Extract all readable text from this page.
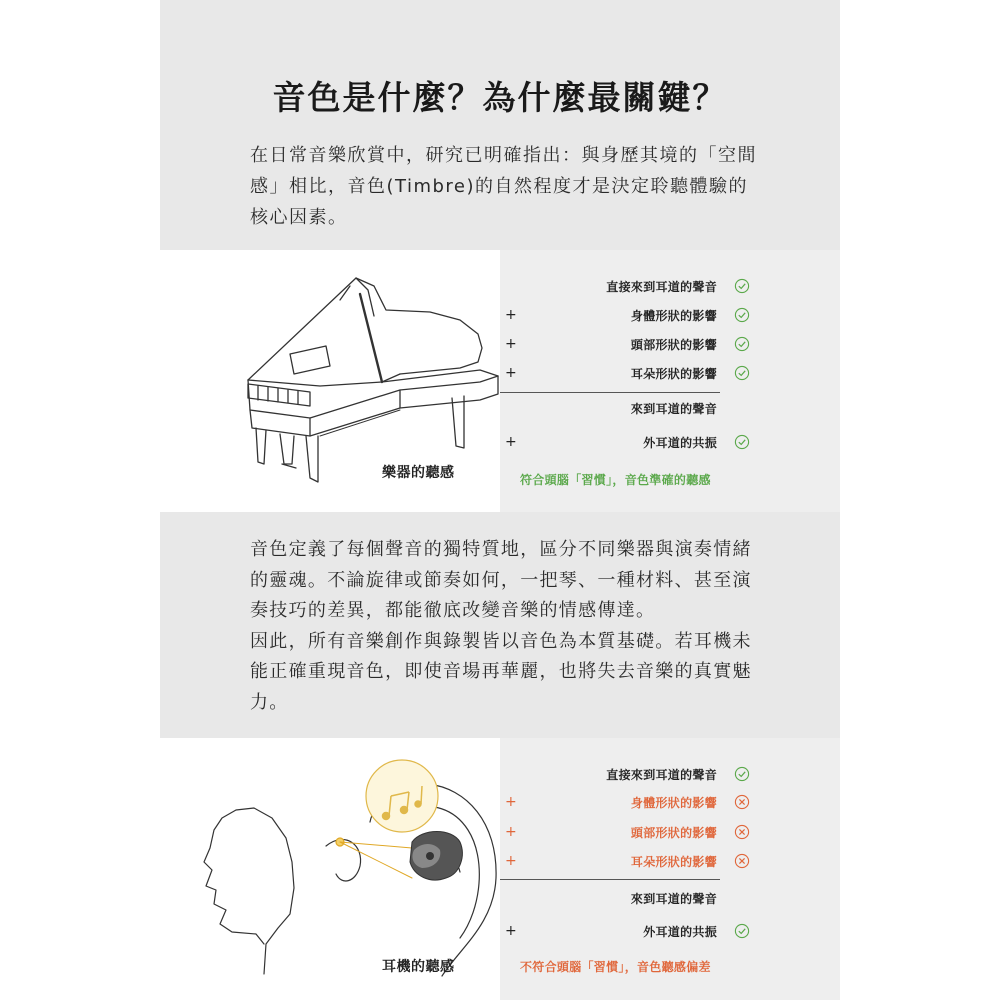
音色是什麼？為什麼最關鍵？

在日常音樂欣賞中，研究已明確指出：與身歷其境的「空間感」相比，音色(Timbre)的自然程度才是決定聆聽體驗的核心因素。

樂器的聽感
直接來到耳道的聲音
+	身體形狀的影響
+	頭部形狀的影響
+	耳朵形狀的影響
來到耳道的聲音
+	外耳道的共振
符合頭腦「習慣」，音色準確的聽感

音色定義了每個聲音的獨特質地，區分不同樂器與演奏情緒的靈魂。不論旋律或節奏如何，一把琴、一種材料、甚至演奏技巧的差異，都能徹底改變音樂的情感傳達。

因此，所有音樂創作與錄製皆以音色為本質基礎。若耳機未能正確重現音色，即使音場再華麗，也將失去音樂的真實魅力。

耳機的聽感
直接來到耳道的聲音
+	身體形狀的影響
+	頭部形狀的影響
+	耳朵形狀的影響
來到耳道的聲音
+	外耳道的共振
不符合頭腦「習慣」，音色聽感偏差
